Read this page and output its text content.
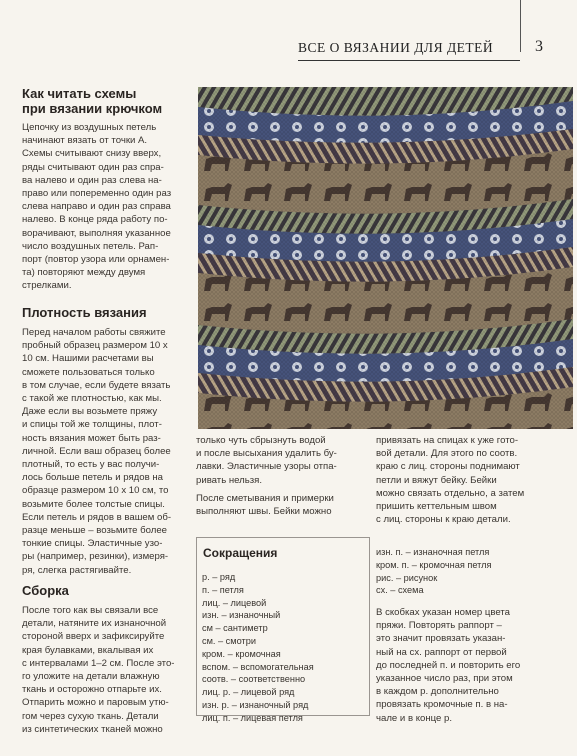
ВСЕ О ВЯЗАНИИ ДЛЯ ДЕТЕЙ	3
Как читать схемы
при вязании крючком

Цепочку из воздушных петель

начинают вязать от точки А.

Схемы считывают снизу вверх,

ряды считывают один раз спра-

ва налево и один раз слева на-

право или попеременно один раз

слева направо и один раз справа

налево. В конце ряда работу по-

ворачивают, выполняя указанное

число воздушных петель. Рап-

порт (повтор узора или орнамен-

та) повторяют между двумя

стрелками.

Плотность вязания

Перед началом работы свяжите

пробный образец размером 10 х

10 см. Нашими расчетами вы

сможете пользоваться только

в том случае, если будете вязать

с такой же плотностью, как мы.

Даже если вы возьмете пряжу

и спицы той же толщины, плот-

ность вязания может быть раз-

личной. Если ваш образец более

плотный, то есть у вас получи-

лось больше петель и рядов на

образце размером 10 х 10 см, то

возьмите более толстые спицы.

Если петель и рядов в вашем об-

разце меньше – возьмите более

тонкие спицы. Эластичные узо-

ры (например, резинки), измеря-

ря, слегка растягивайте.

Сборка

После того как вы связали все

детали, натяните их изнаночной

стороной вверх и зафиксируйте

края булавками, вкалывая их

с интервалами 1–2 см. После это-

го уложите на детали влажную

ткань и осторожно отпарьте их.

Отпарить можно и паровым утю-

гом через сухую ткань. Детали

из синтетических тканей можно

только чуть сбрызнуть водой

и после высыхания удалить бу-

лавки. Эластичные узоры отпа-

ривать нельзя.

После сметывания и примерки

выполняют швы. Бейки можно

привязать на спицах к уже гото-

вой детали. Для этого по соотв.

краю с лиц. стороны поднимают

петли и вяжут бейку. Бейки

можно связать отдельно, а затем

пришить кеттельным швом

с лиц. стороны к краю детали.

Сокращения
р. – ряд
п. – петля
лиц. – лицевой
изн. – изнаночный
см – сантиметр
см. – смотри
кром. – кромочная
вспом. – вспомогательная
соотв. – соответственно
лиц. р. – лицевой ряд
изн. р. – изнаночный ряд
лиц. п. – лицевая петля
изн. п. – изнаночная петля
кром. п. – кромочная петля
рис. – рисунок
сх. – схема

В скобках указан номер цвета

пряжи. Повторять раппорт –

это значит провязать указан-

ный на сх. раппорт от первой

до последней п. и повторить его

указанное число раз, при этом

в каждом р. дополнительно

провязать кромочные п. в на-

чале и в конце р.
